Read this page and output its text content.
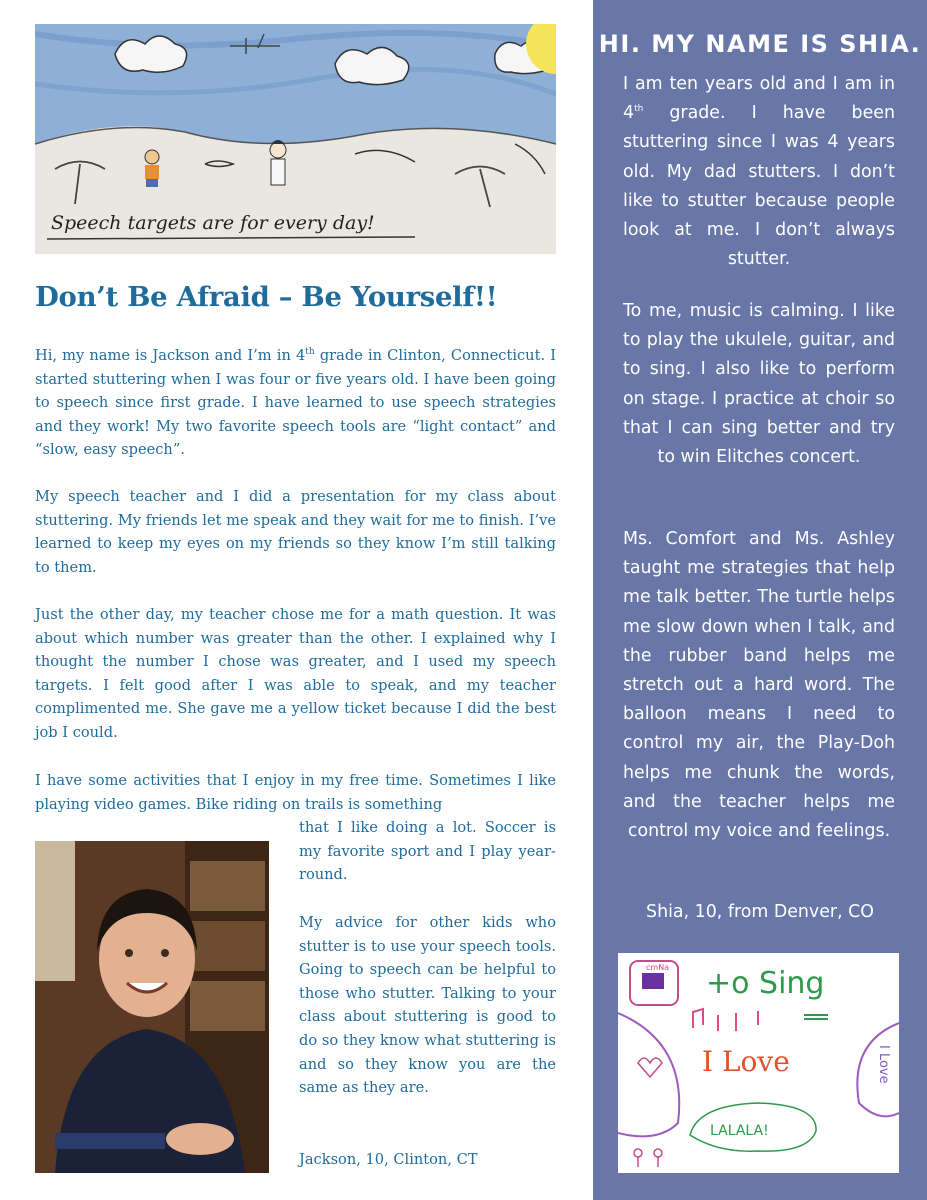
Speech targets are for every day!
Don’t Be Afraid – Be Yourself!!

Hi, my name is Jackson and I’m in 4th grade in Clinton, Connecticut. I started stuttering when I was four or five years old. I have been going to speech since first grade. I have learned to use speech strategies and they work! My two favorite speech tools are “light contact” and “slow, easy speech”.

My speech teacher and I did a presentation for my class about stuttering. My friends let me speak and they wait for me to finish. I’ve learned to keep my eyes on my friends so they know I’m still talking to them.

Just the other day, my teacher chose me for a math question. It was about which number was greater than the other. I explained why I thought the number I chose was greater, and I used my speech targets. I felt good after I was able to speak, and my teacher complimented me. She gave me a yellow ticket because I did the best job I could.

I have some activities that I enjoy in my free time. Sometimes I like playing video games. Bike riding on trails is something

that I like doing a lot. Soccer is my favorite sport and I play year-round.

My advice for other kids who stutter is to use your speech tools. Going to speech can be helpful to those who stutter. Talking to your class about stuttering is good to do so they know what stuttering is and so they know you are the same as they are.

Jackson, 10, Clinton, CT

HI. MY NAME IS SHIA.

I am ten years old and I am in 4th grade. I have been stuttering since I was 4 years old. My dad stutters. I don’t like to stutter because people look at me. I don’t always stutter.

To me, music is calming. I like to play the ukulele, guitar, and to sing. I also like to perform on stage. I practice at choir so that I can sing better and try to win Elitches concert.

Ms. Comfort and Ms. Ashley taught me strategies that help me talk better. The turtle helps me slow down when I talk, and the rubber band helps me stretch out a hard word. The balloon means I need to control my air, the Play-Doh helps me chunk the words, and the teacher helps me control my voice and feelings.

Shia, 10, from Denver, CO

cmNa +o Sing
I Love	I Love
LALALA!
